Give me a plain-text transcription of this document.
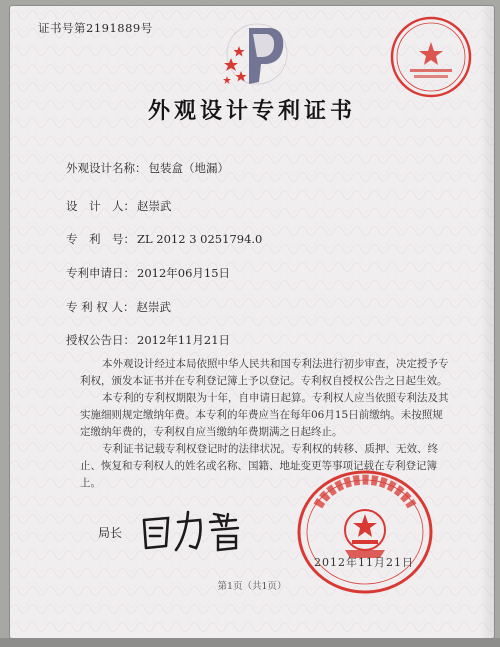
证书号第2191889号
外观设计专利证书
外观设计名称： 包装盒（地漏）
设　计　人： 赵崇武
专　利　号： ZL 2012 3 0251794.0
专利申请日： 2012年06月15日
专 利 权 人： 赵崇武
授权公告日： 2012年11月21日

本外观设计经过本局依照中华人民共和国专利法进行初步审查，决定授予专利权，颁发本证书并在专利登记簿上予以登记。专利权自授权公告之日起生效。

本专利的专利权期限为十年，自申请日起算。专利权人应当依照专利法及其实施细则规定缴纳年费。本专利的年费应当在每年06月15日前缴纳。未按照规定缴纳年费的，专利权自应当缴纳年费期满之日起终止。

专利证书记载专利权登记时的法律状况。专利权的转移、质押、无效、终止、恢复和专利权人的姓名或名称、国籍、地址变更等事项记载在专利登记簿上。

局长
2012年11月21日
第1页（共1页）
